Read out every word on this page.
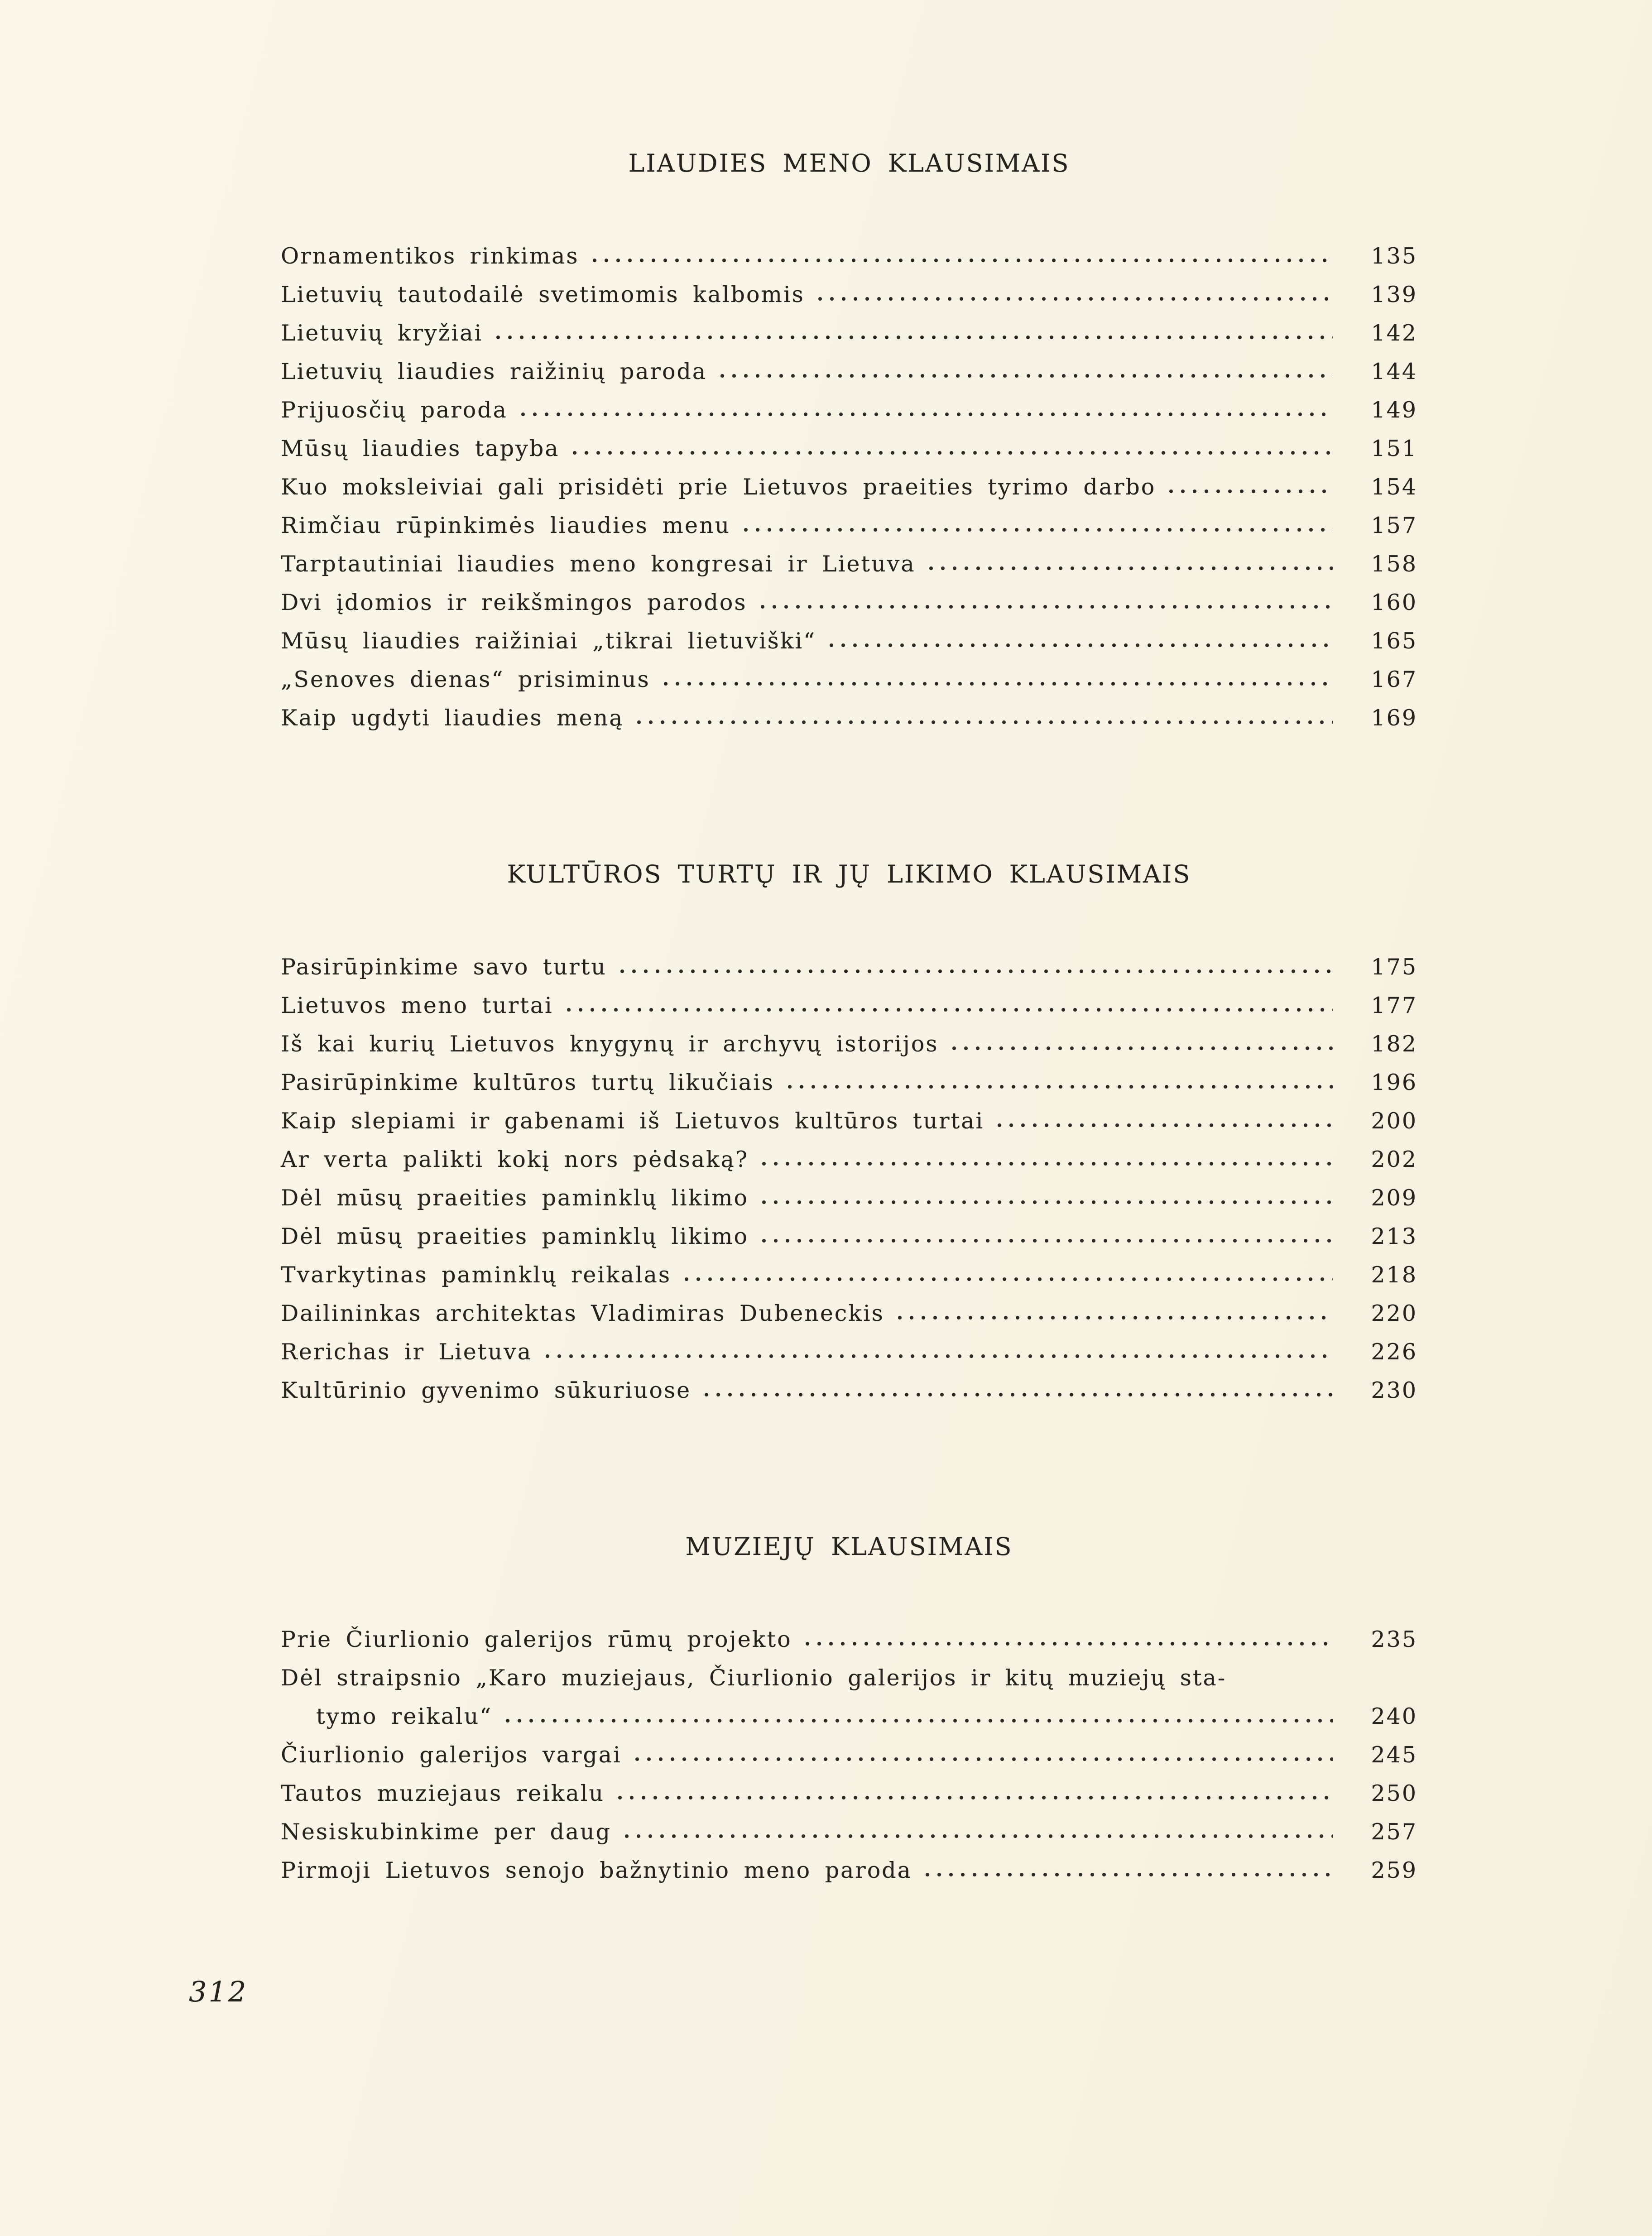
LIAUDIES MENO KLAUSIMAIS
Ornamentikos rinkimas	135
Lietuvių tautodailė svetimomis kalbomis	139
Lietuvių kryžiai	142
Lietuvių liaudies raižinių paroda	144
Prijuosčių paroda	149
Mūsų liaudies tapyba	151
Kuo moksleiviai gali prisidėti prie Lietuvos praeities tyrimo darbo	154
Rimčiau rūpinkimės liaudies menu	157
Tarptautiniai liaudies meno kongresai ir Lietuva	158
Dvi įdomios ir reikšmingos parodos	160
Mūsų liaudies raižiniai „tikrai lietuviški“	165
„Senoves dienas“ prisiminus	167
Kaip ugdyti liaudies meną	169
KULTŪROS TURTŲ IR JŲ LIKIMO KLAUSIMAIS
Pasirūpinkime savo turtu	175
Lietuvos meno turtai	177
Iš kai kurių Lietuvos knygynų ir archyvų istorijos	182
Pasirūpinkime kultūros turtų likučiais	196
Kaip slepiami ir gabenami iš Lietuvos kultūros turtai	200
Ar verta palikti kokį nors pėdsaką?	202
Dėl mūsų praeities paminklų likimo	209
Dėl mūsų praeities paminklų likimo	213
Tvarkytinas paminklų reikalas	218
Dailininkas architektas Vladimiras Dubeneckis	220
Rerichas ir Lietuva	226
Kultūrinio gyvenimo sūkuriuose	230
MUZIEJŲ KLAUSIMAIS
Prie Čiurlionio galerijos rūmų projekto	235
Dėl straipsnio „Karo muziejaus, Čiurlionio galerijos ir kitų muziejų sta-
tymo reikalu“	240
Čiurlionio galerijos vargai	245
Tautos muziejaus reikalu	250
Nesiskubinkime per daug	257
Pirmoji Lietuvos senojo bažnytinio meno paroda	259
312
